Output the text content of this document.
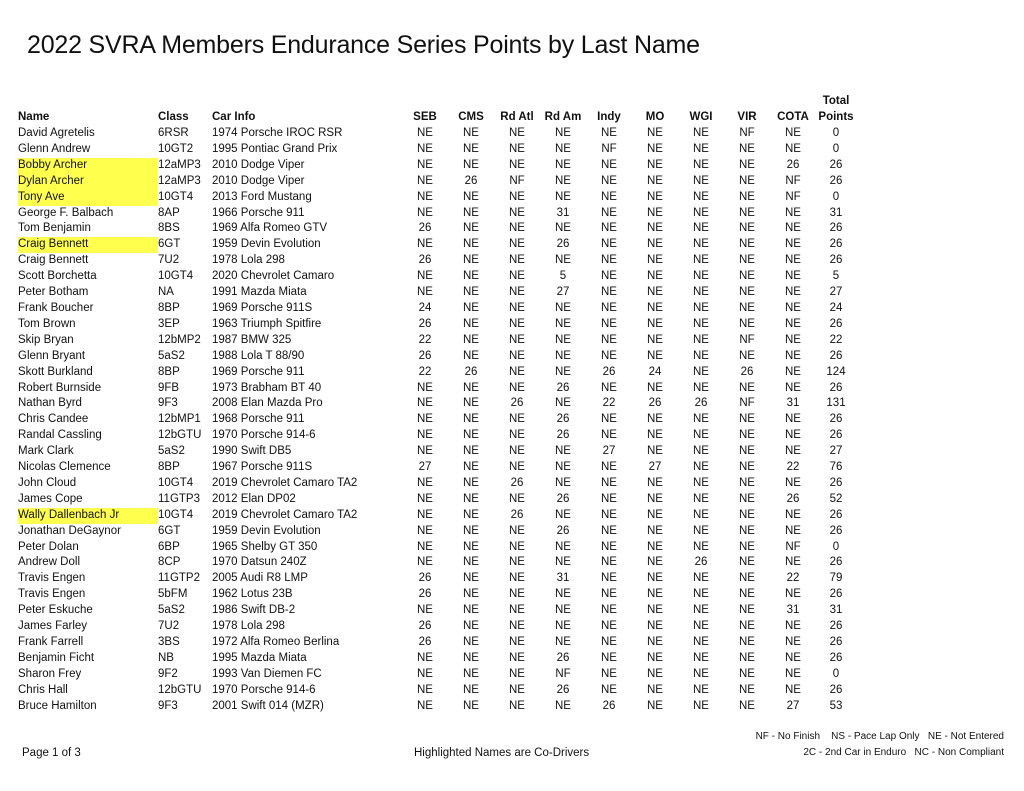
2022 SVRA Members Endurance Series Points by Last Name
												Total
Name	Class	Car Info	SEB	CMS	Rd Atl	Rd Am	Indy	MO	WGI	VIR	COTA	Points
David Agretelis	6RSR	1974 Porsche IROC RSR	NE	NE	NE	NE	NE	NE	NE	NF	NE	0
Glenn Andrew	10GT2	1995 Pontiac Grand Prix	NE	NE	NE	NE	NF	NE	NE	NE	NE	0
Bobby Archer	12aMP3	2010 Dodge Viper	NE	NE	NE	NE	NE	NE	NE	NE	26	26
Dylan Archer	12aMP3	2010 Dodge Viper	NE	26	NF	NE	NE	NE	NE	NE	NF	26
Tony Ave	10GT4	2013 Ford Mustang	NE	NE	NE	NE	NE	NE	NE	NE	NF	0
George F. Balbach	8AP	1966 Porsche 911	NE	NE	NE	31	NE	NE	NE	NE	NE	31
Tom Benjamin	8BS	1969 Alfa Romeo GTV	26	NE	NE	NE	NE	NE	NE	NE	NE	26
Craig Bennett	6GT	1959 Devin Evolution	NE	NE	NE	26	NE	NE	NE	NE	NE	26
Craig Bennett	7U2	1978 Lola 298	26	NE	NE	NE	NE	NE	NE	NE	NE	26
Scott Borchetta	10GT4	2020 Chevrolet Camaro	NE	NE	NE	5	NE	NE	NE	NE	NE	5
Peter Botham	NA	1991 Mazda Miata	NE	NE	NE	27	NE	NE	NE	NE	NE	27
Frank Boucher	8BP	1969 Porsche 911S	24	NE	NE	NE	NE	NE	NE	NE	NE	24
Tom Brown	3EP	1963 Triumph Spitfire	26	NE	NE	NE	NE	NE	NE	NE	NE	26
Skip Bryan	12bMP2	1987 BMW 325	22	NE	NE	NE	NE	NE	NE	NF	NE	22
Glenn Bryant	5aS2	1988 Lola T 88/90	26	NE	NE	NE	NE	NE	NE	NE	NE	26
Skott Burkland	8BP	1969 Porsche 911	22	26	NE	NE	26	24	NE	26	NE	124
Robert Burnside	9FB	1973 Brabham BT 40	NE	NE	NE	26	NE	NE	NE	NE	NE	26
Nathan Byrd	9F3	2008 Elan Mazda Pro	NE	NE	26	NE	22	26	26	NF	31	131
Chris Candee	12bMP1	1968 Porsche 911	NE	NE	NE	26	NE	NE	NE	NE	NE	26
Randal Cassling	12bGTU	1970 Porsche 914-6	NE	NE	NE	26	NE	NE	NE	NE	NE	26
Mark Clark	5aS2	1990 Swift DB5	NE	NE	NE	NE	27	NE	NE	NE	NE	27
Nicolas Clemence	8BP	1967 Porsche 911S	27	NE	NE	NE	NE	27	NE	NE	22	76
John Cloud	10GT4	2019 Chevrolet Camaro TA2	NE	NE	26	NE	NE	NE	NE	NE	NE	26
James Cope	11GTP3	2012 Elan DP02	NE	NE	NE	26	NE	NE	NE	NE	26	52
Wally Dallenbach Jr	10GT4	2019 Chevrolet Camaro TA2	NE	NE	26	NE	NE	NE	NE	NE	NE	26
Jonathan DeGaynor	6GT	1959 Devin Evolution	NE	NE	NE	26	NE	NE	NE	NE	NE	26
Peter Dolan	6BP	1965 Shelby GT 350	NE	NE	NE	NE	NE	NE	NE	NE	NF	0
Andrew Doll	8CP	1970 Datsun 240Z	NE	NE	NE	NE	NE	NE	26	NE	NE	26
Travis Engen	11GTP2	2005 Audi R8 LMP	26	NE	NE	31	NE	NE	NE	NE	22	79
Travis Engen	5bFM	1962 Lotus 23B	26	NE	NE	NE	NE	NE	NE	NE	NE	26
Peter Eskuche	5aS2	1986 Swift DB-2	NE	NE	NE	NE	NE	NE	NE	NE	31	31
James Farley	7U2	1978 Lola 298	26	NE	NE	NE	NE	NE	NE	NE	NE	26
Frank Farrell	3BS	1972 Alfa Romeo Berlina	26	NE	NE	NE	NE	NE	NE	NE	NE	26
Benjamin Ficht	NB	1995 Mazda Miata	NE	NE	NE	26	NE	NE	NE	NE	NE	26
Sharon Frey	9F2	1993 Van Diemen FC	NE	NE	NE	NF	NE	NE	NE	NE	NE	0
Chris Hall	12bGTU	1970 Porsche 914-6	NE	NE	NE	26	NE	NE	NE	NE	NE	26
Bruce Hamilton	9F3	2001 Swift 014 (MZR)	NE	NE	NE	NE	26	NE	NE	NE	27	53
Page 1 of 3	Highlighted Names are Co-Drivers
NF - No Finish    NS - Pace Lap Only   NE - Not Entered
2C - 2nd Car in Enduro   NC - Non Compliant
